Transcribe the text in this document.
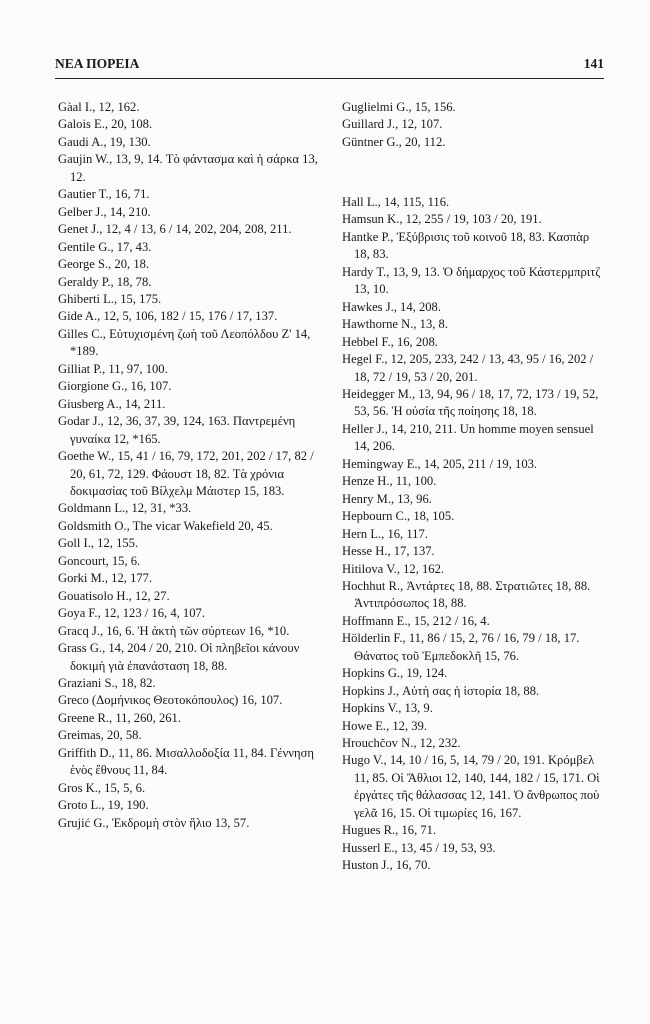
ΝΕΑ ΠΟΡΕΙΑ	141

Gàal I., 12, 162.

Galois E., 20, 108.

Gaudi A., 19, 130.

Gaujin W., 13, 9, 14. Τὸ φάντασμα καὶ ἡ σάρκα 13, 12.

Gautier T., 16, 71.

Gelber J., 14, 210.

Genet J., 12, 4 / 13, 6 / 14, 202, 204, 208, 211.

Gentile G., 17, 43.

George S., 20, 18.

Geraldy P., 18, 78.

Ghiberti L., 15, 175.

Gide A., 12, 5, 106, 182 / 15, 176 / 17, 137.

Gilles C., Εὐτυχισμένη ζωὴ τοῦ Λεοπόλδου Ζ' 14, *189.

Gilliat P., 11, 97, 100.

Giorgione G., 16, 107.

Giusberg A., 14, 211.

Godar J., 12, 36, 37, 39, 124, 163. Παντρεμένη γυναίκα 12, *165.

Goethe W., 15, 41 / 16, 79, 172, 201, 202 / 17, 82 / 20, 61, 72, 129. Φάουστ 18, 82. Τὰ χρόνια δοκιμασίας τοῦ Βίλχελμ Μάιστερ 15, 183.

Goldmann L., 12, 31, *33.

Goldsmith O., The vicar Wakefield 20, 45.

Goll I., 12, 155.

Goncourt, 15, 6.

Gorki M., 12, 177.

Gouatisolo H., 12, 27.

Goya F., 12, 123 / 16, 4, 107.

Gracq J., 16, 6. Ἡ ἀκτὴ τῶν σύρτεων 16, *10.

Grass G., 14, 204 / 20, 210. Οἱ πληβεῖοι κάνουν δοκιμὴ γιὰ ἐπανάσταση 18, 88.

Graziani S., 18, 82.

Greco (Δομήνικος Θεοτοκόπουλος) 16, 107.

Greene R., 11, 260, 261.

Greimas, 20, 58.

Griffith D., 11, 86. Μισαλλοδοξία 11, 84. Γέννηση ἑνὸς ἔθνους 11, 84.

Gros K., 15, 5, 6.

Groto L., 19, 190.

Grujić G., Ἐκδρομὴ στὸν ἥλιο 13, 57.

Guglielmi G., 15, 156.

Guillard J., 12, 107.

Güntner G., 20, 112.

Hall L., 14, 115, 116.

Hamsun K., 12, 255 / 19, 103 / 20, 191.

Hantke P., Ἐξύβρισις τοῦ κοινοῦ 18, 83. Κασπὰρ 18, 83.

Hardy T., 13, 9, 13. Ὁ δήμαρχος τοῦ Κάστερμπριτζ 13, 10.

Hawkes J., 14, 208.

Hawthorne N., 13, 8.

Hebbel F., 16, 208.

Hegel F., 12, 205, 233, 242 / 13, 43, 95 / 16, 202 / 18, 72 / 19, 53 / 20, 201.

Heidegger M., 13, 94, 96 / 18, 17, 72, 173 / 19, 52, 53, 56. Ἡ οὐσία τῆς ποίησης 18, 18.

Heller J., 14, 210, 211. Un homme moyen sensuel 14, 206.

Hemingway E., 14, 205, 211 / 19, 103.

Henze H., 11, 100.

Henry M., 13, 96.

Hepbourn C., 18, 105.

Hern L., 16, 117.

Hesse H., 17, 137.

Hitilova V., 12, 162.

Hochhut R., Ἀντάρτες 18, 88. Στρατιῶτες 18, 88. Ἀντιπρόσωπος 18, 88.

Hoffmann E., 15, 212 / 16, 4.

Hölderlin F., 11, 86 / 15, 2, 76 / 16, 79 / 18, 17. Θάνατος τοῦ Ἐμπεδοκλῆ 15, 76.

Hopkins G., 19, 124.

Hopkins J., Αὐτὴ σας ἡ ἱστορία 18, 88.

Hopkins V., 13, 9.

Howe E., 12, 39.

Hrouchčov N., 12, 232.

Hugo V., 14, 10 / 16, 5, 14, 79 / 20, 191. Κρόμβελ 11, 85. Οἱ Ἄθλιοι 12, 140, 144, 182 / 15, 171. Οἱ ἐργάτες τῆς θάλασσας 12, 141. Ὁ ἄνθρωπος ποὺ γελᾶ 16, 15. Οἱ τιμωρίες 16, 167.

Hugues R., 16, 71.

Husserl E., 13, 45 / 19, 53, 93.

Huston J., 16, 70.
